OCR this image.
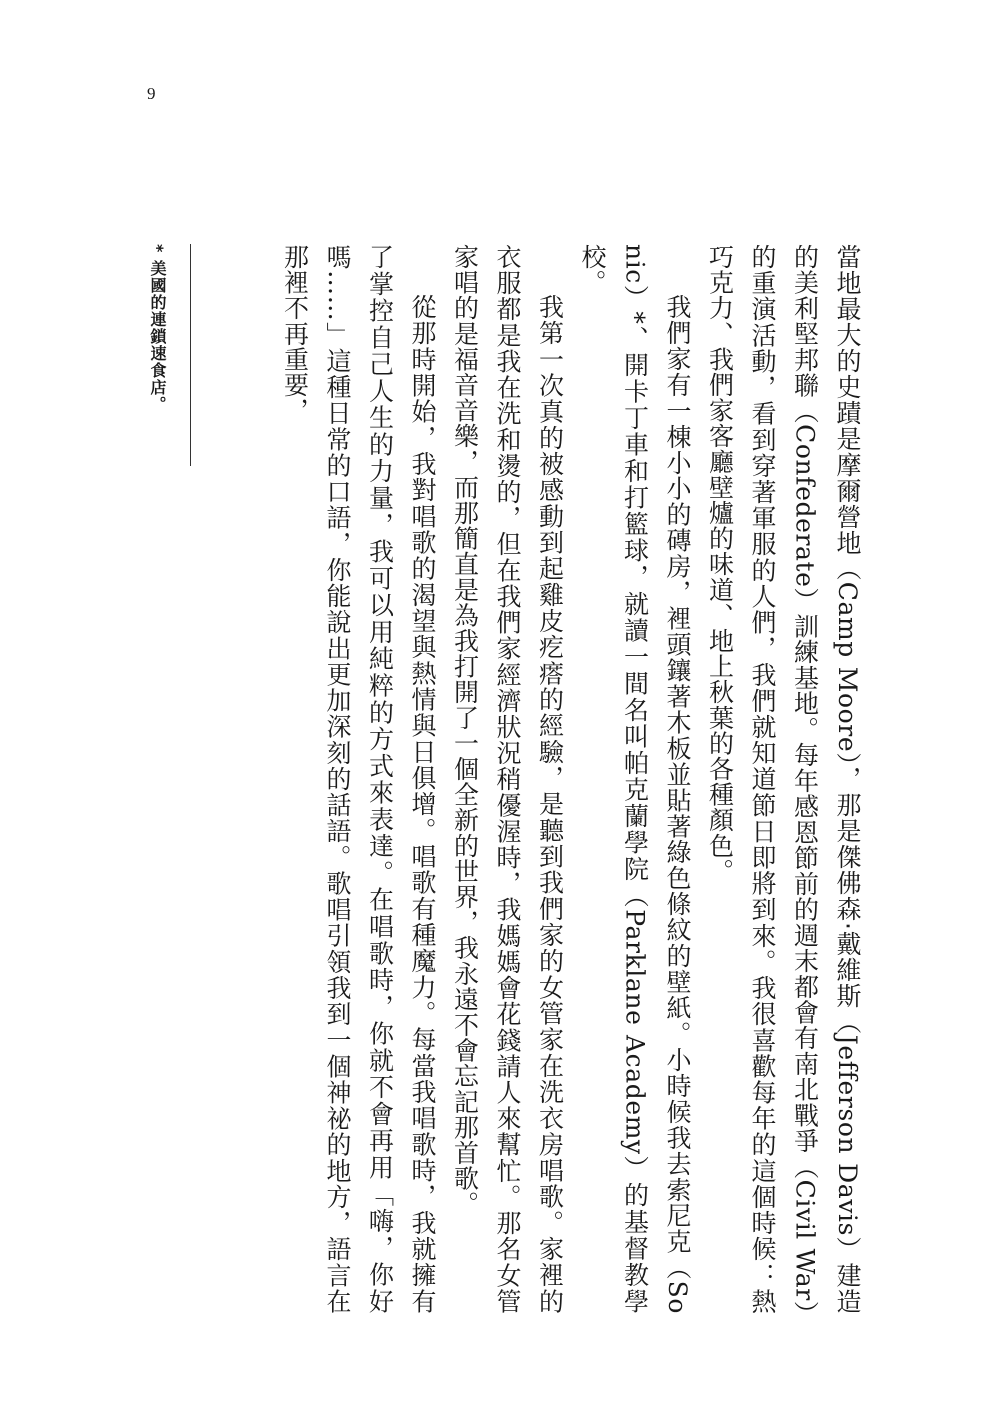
9

當地最大的史蹟是摩爾營地（Camp Moore），那是傑佛森‧戴維斯（Jefferson Davis）建造的美利堅邦聯（Confederate）訓練基地。每年感恩節前的週末都會有南北戰爭（Civil War）的重演活動，看到穿著軍服的人們，我們就知道節日即將到來。我很喜歡每年的這個時候：熱巧克力、我們家客廳壁爐的味道、地上秋葉的各種顏色。

我們家有一棟小小的磚房，裡頭鑲著木板並貼著綠色條紋的壁紙。小時候我去索尼克（Sonic）*、開卡丁車和打籃球，就讀一間名叫帕克蘭學院（Parklane Academy）的基督教學校。

我第一次真的被感動到起雞皮疙瘩的經驗，是聽到我們家的女管家在洗衣房唱歌。家裡的衣服都是我在洗和燙的，但在我們家經濟狀況稍優渥時，我媽媽會花錢請人來幫忙。那名女管家唱的是福音音樂，而那簡直是為我打開了一個全新的世界，我永遠不會忘記那首歌。

從那時開始，我對唱歌的渴望與熱情與日俱增。唱歌有種魔力。每當我唱歌時，我就擁有了掌控自己人生的力量，我可以用純粹的方式來表達。在唱歌時，你就不會再用「嗨，你好嗎……」這種日常的口語，你能說出更加深刻的話語。歌唱引領我到一個神祕的地方，語言在那裡不再重要，

* 美國的連鎖速食店。
